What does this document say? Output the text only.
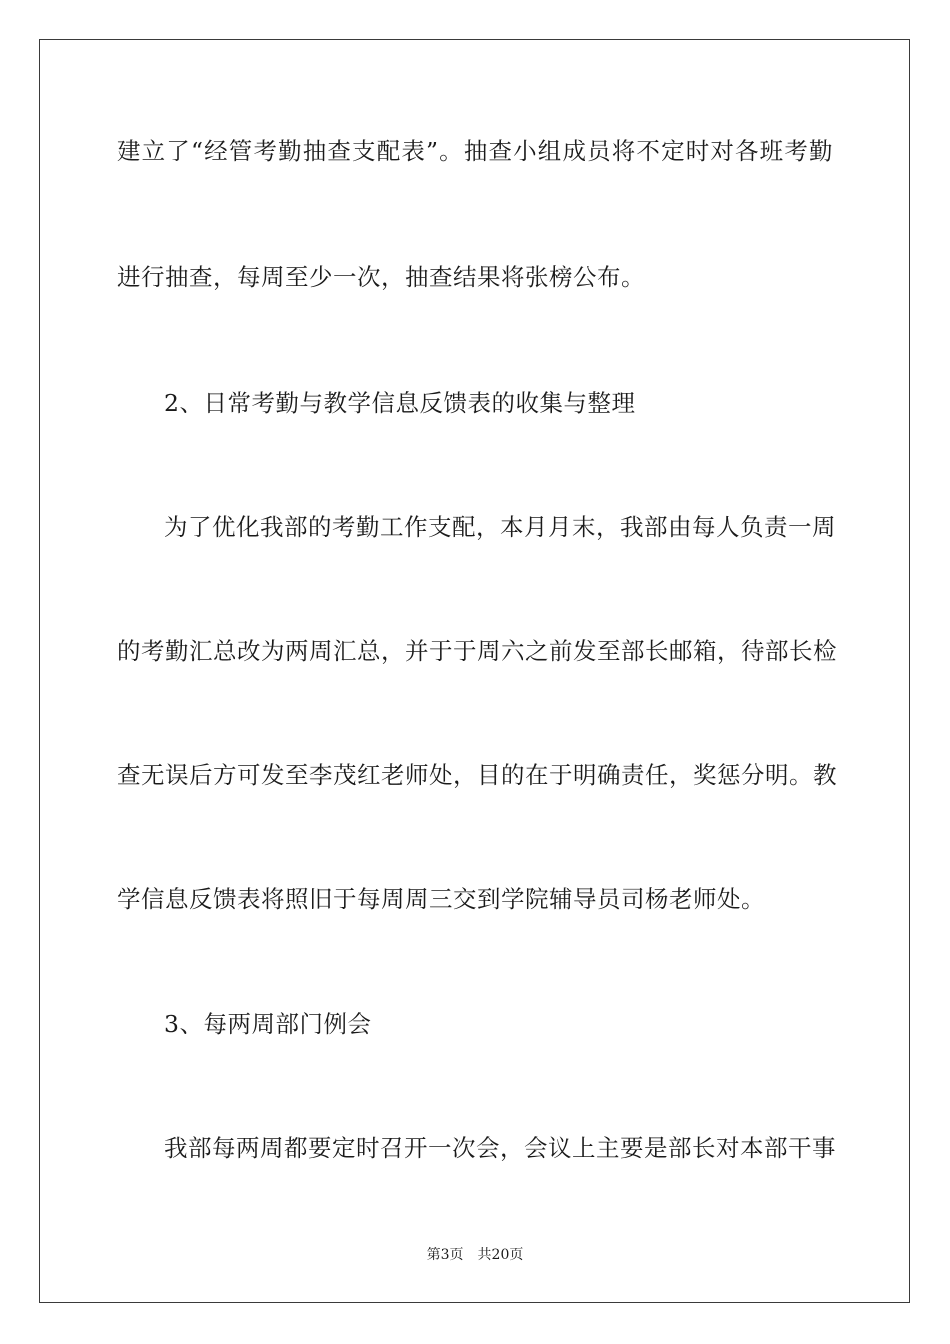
建立了“经管考勤抽查支配表”。抽查小组成员将不定时对各班考勤
进行抽查，每周至少一次，抽查结果将张榜公布。
2、日常考勤与教学信息反馈表的收集与整理
为了优化我部的考勤工作支配，本月月末，我部由每人负责一周
的考勤汇总改为两周汇总，并于于周六之前发至部长邮箱，待部长检
查无误后方可发至李茂红老师处，目的在于明确责任，奖惩分明。教
学信息反馈表将照旧于每周周三交到学院辅导员司杨老师处。
3、每两周部门例会
我部每两周都要定时召开一次会，会议上主要是部长对本部干事
第3页 共20页
